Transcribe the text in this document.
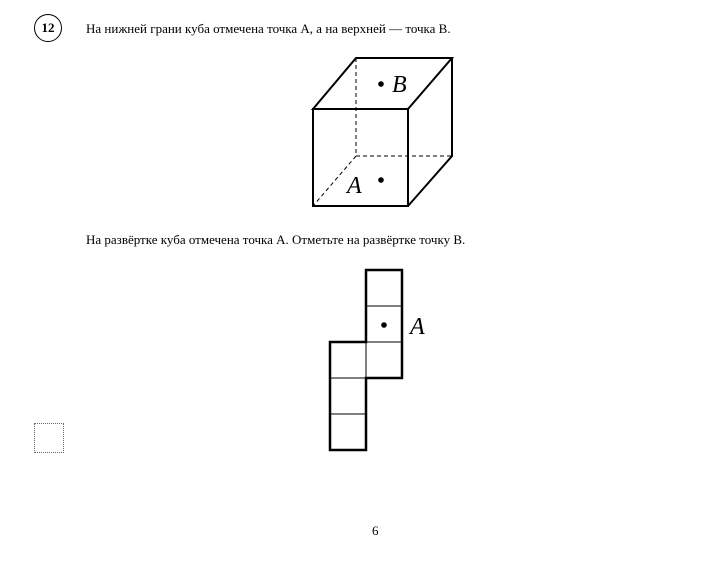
12 На нижней грани куба отмечена точка A, а на верхней — точка B.
B
A
На развёртке куба отмечена точка A. Отметьте на развёртке точку B.
A
6
